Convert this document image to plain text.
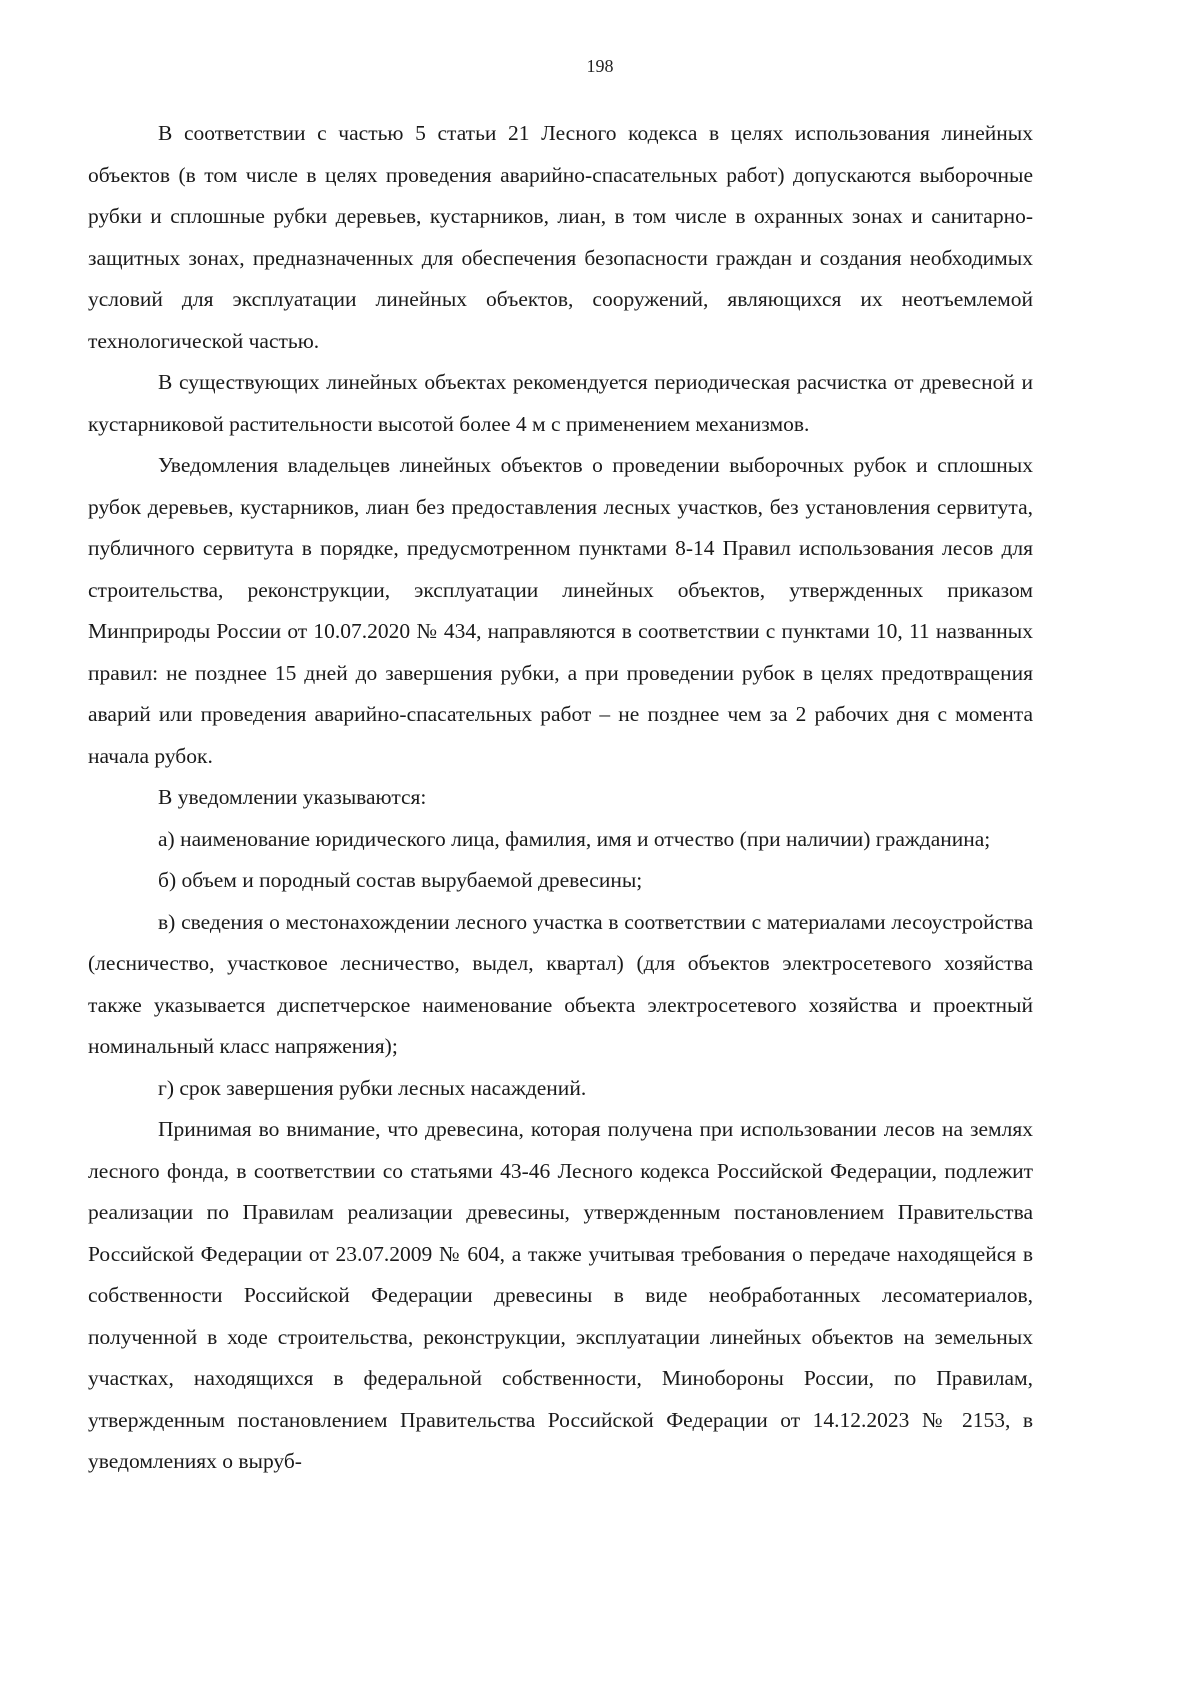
198

В соответствии с частью 5 статьи 21 Лесного кодекса в целях использования линейных объектов (в том числе в целях проведения аварийно-спасательных работ) допускаются выборочные рубки и сплошные рубки деревьев, кустарников, лиан, в том числе в охранных зонах и санитарно-защитных зонах, предназначенных для обеспечения безопасности граждан и создания необходимых условий для эксплуатации линейных объектов, сооружений, являющихся их неотъемлемой технологической частью.

В существующих линейных объектах рекомендуется периодическая расчистка от древесной и кустарниковой растительности высотой более 4 м с применением механизмов.

Уведомления владельцев линейных объектов о проведении выборочных рубок и сплошных рубок деревьев, кустарников, лиан без предоставления лесных участков, без установления сервитута, публичного сервитута в порядке, предусмотренном пунктами 8-14 Правил использования лесов для строительства, реконструкции, эксплуатации линейных объектов, утвержденных приказом Минприроды России от 10.07.2020 № 434, направляются в соответствии с пунктами 10, 11 названных правил: не позднее 15 дней до завершения рубки, а при проведении рубок в целях предотвращения аварий или проведения аварийно-спасательных работ – не позднее чем за 2 рабочих дня с момента начала рубок.

В уведомлении указываются:

а) наименование юридического лица, фамилия, имя и отчество (при наличии) гражданина;

б) объем и породный состав вырубаемой древесины;

в) сведения о местонахождении лесного участка в соответствии с материалами лесоустройства (лесничество, участковое лесничество, выдел, квартал) (для объектов электросетевого хозяйства также указывается диспетчерское наименование объекта электросетевого хозяйства и проектный номинальный класс напряжения);

г) срок завершения рубки лесных насаждений.

Принимая во внимание, что древесина, которая получена при использовании лесов на землях лесного фонда, в соответствии со статьями 43-46 Лесного кодекса Российской Федерации, подлежит реализации по Правилам реализации древесины, утвержденным постановлением Правительства Российской Федерации от 23.07.2009 № 604, а также учитывая требования о передаче находящейся в собственности Российской Федерации древесины в виде необработанных лесоматериалов, полученной в ходе строительства, реконструкции, эксплуатации линейных объектов на земельных участках, находящихся в федеральной собственности, Минобороны России, по Правилам, утвержденным постановлением Правительства Российской Федерации от 14.12.2023 № 2153, в уведомлениях о выруб-
